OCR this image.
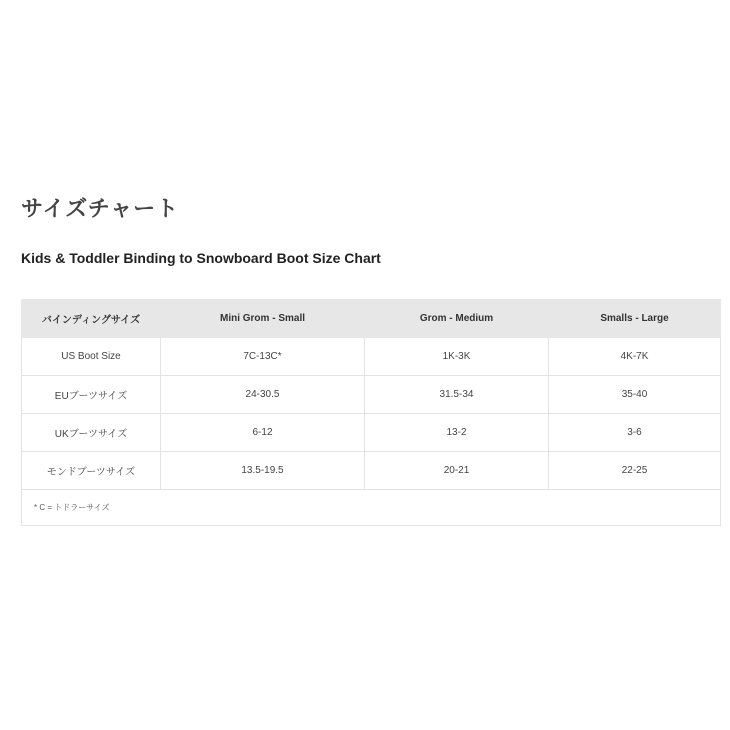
サイズチャート
Kids & Toddler Binding to Snowboard Boot Size Chart
バインディングサイズ	Mini Grom - Small	Grom - Medium	Smalls - Large
US Boot Size	7C-13C*	1K-3K	4K-7K
EUブーツサイズ	24-30.5	31.5-34	35-40
UKブーツサイズ	6-12	13-2	3-6
モンドブーツサイズ	13.5-19.5	20-21	22-25
* C = トドラーサイズ			
